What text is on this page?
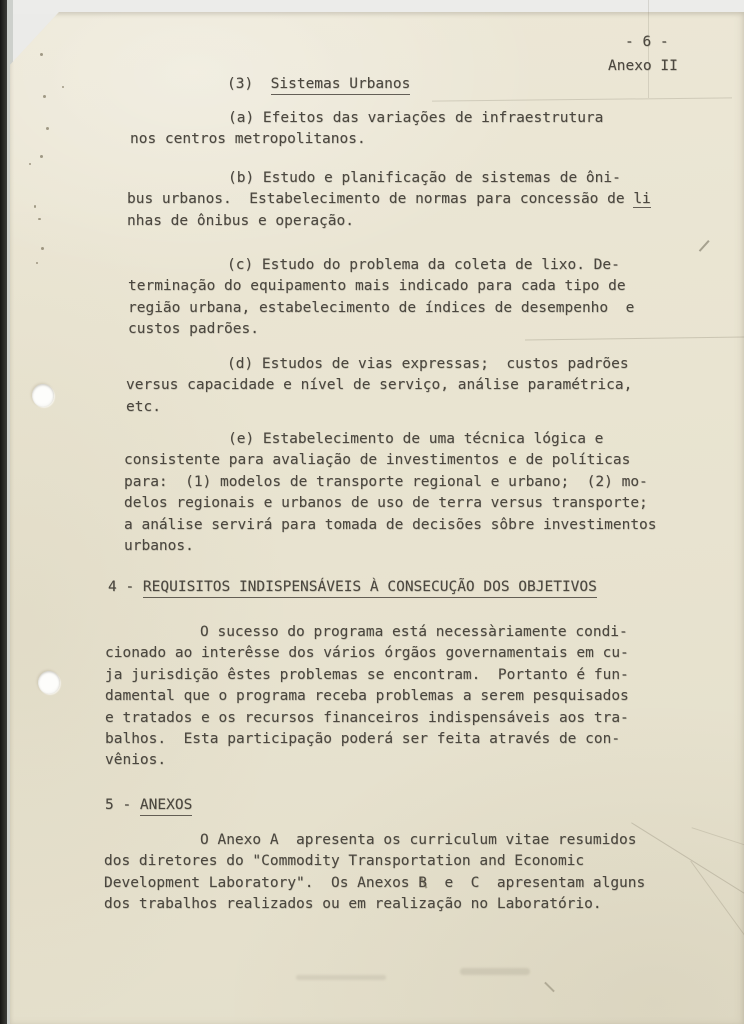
- 6 -
Anexo II
(3)  Sistemas Urbanos
(a) Efeitos das variações de infraestrutura
nos centros metropolitanos.
(b) Estudo e planificação de sistemas de ôni-
bus urbanos.  Estabelecimento de normas para concessão de li
nhas de ônibus e operação.
(c) Estudo do problema da coleta de lixo. De-
terminação do equipamento mais indicado para cada tipo de
região urbana, estabelecimento de índices de desempenho  e
custos padrões.
(d) Estudos de vias expressas;  custos padrões
versus capacidade e nível de serviço, análise paramétrica,
etc.
(e) Estabelecimento de uma técnica lógica e
consistente para avaliação de investimentos e de políticas
para:  (1) modelos de transporte regional e urbano;  (2) mo-
delos regionais e urbanos de uso de terra versus transporte;
a análise servirá para tomada de decisões sôbre investimentos
urbanos.
4 - REQUISITOS INDISPENSÁVEIS À CONSECUÇÃO DOS OBJETIVOS
O sucesso do programa está necessàriamente condi-
cionado ao interêsse dos vários órgãos governamentais em cu-
ja jurisdição êstes problemas se encontram.  Portanto é fun-
damental que o programa receba problemas a serem pesquisados
e tratados e os recursos financeiros indispensáveis aos tra-
balhos.  Esta participação poderá ser feita através de con-
vênios.
5 - ANEXOS
O Anexo A  apresenta os curriculum vitae resumidos
dos diretores do "Commodity Transportation and Economic
Development Laboratory".  Os Anexos B  e  C  apresentam alguns
dos trabalhos realizados ou em realização no Laboratório.
